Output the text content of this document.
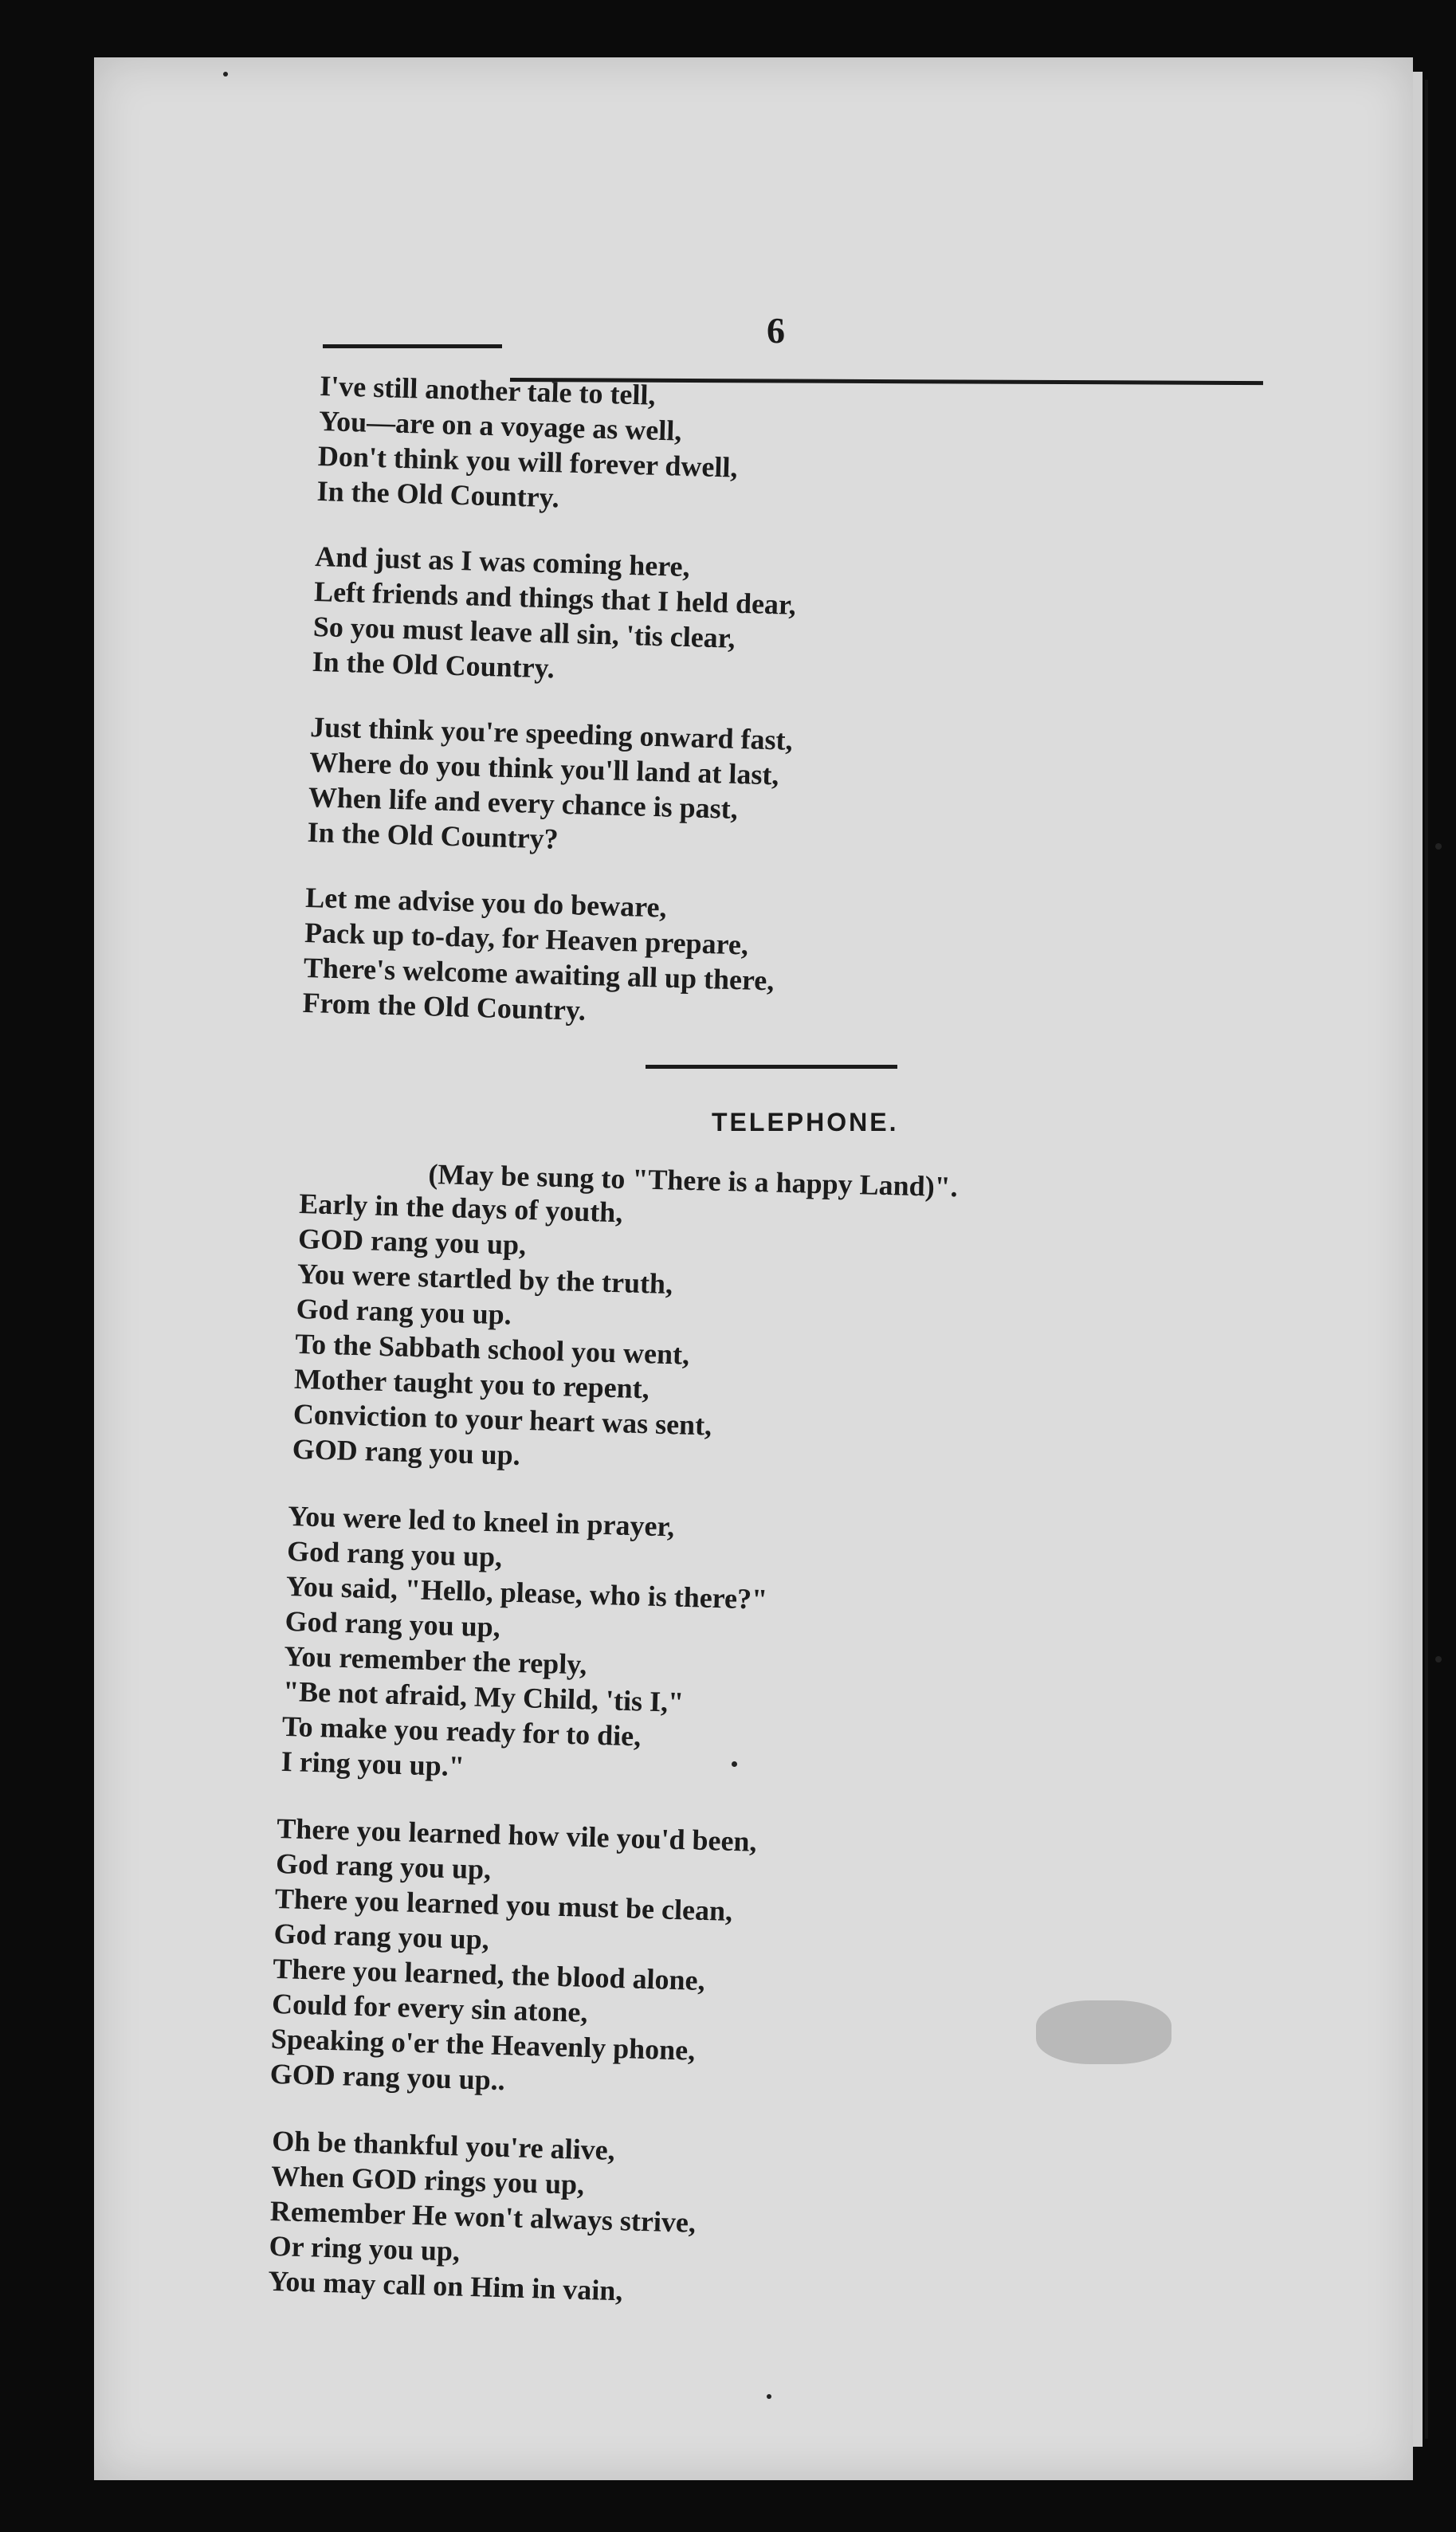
6
I've still another tale to tell,
You—are on a voyage as well,
Don't think you will forever dwell,
In the Old Country.
And just as I was coming here,
Left friends and things that I held dear,
So you must leave all sin, 'tis clear,
In the Old Country.
Just think you're speeding onward fast,
Where do you think you'll land at last,
When life and every chance is past,
In the Old Country?
Let me advise you do beware,
Pack up to-day, for Heaven prepare,
There's welcome awaiting all up there,
From the Old Country.
TELEPHONE.
(May be sung to "There is a happy Land)".
Early in the days of youth,
GOD rang you up,
You were startled by the truth,
God rang you up.
To the Sabbath school you went,
Mother taught you to repent,
Conviction to your heart was sent,
GOD rang you up.
You were led to kneel in prayer,
God rang you up,
You said, "Hello, please, who is there?"
God rang you up,
You remember the reply,
"Be not afraid, My Child, 'tis I,"
To make you ready for to die,
I ring you up."
There you learned how vile you'd been,
God rang you up,
There you learned you must be clean,
God rang you up,
There you learned, the blood alone,
Could for every sin atone,
Speaking o'er the Heavenly phone,
GOD rang you up..
Oh be thankful you're alive,
When GOD rings you up,
Remember He won't always strive,
Or ring you up,
You may call on Him in vain,
